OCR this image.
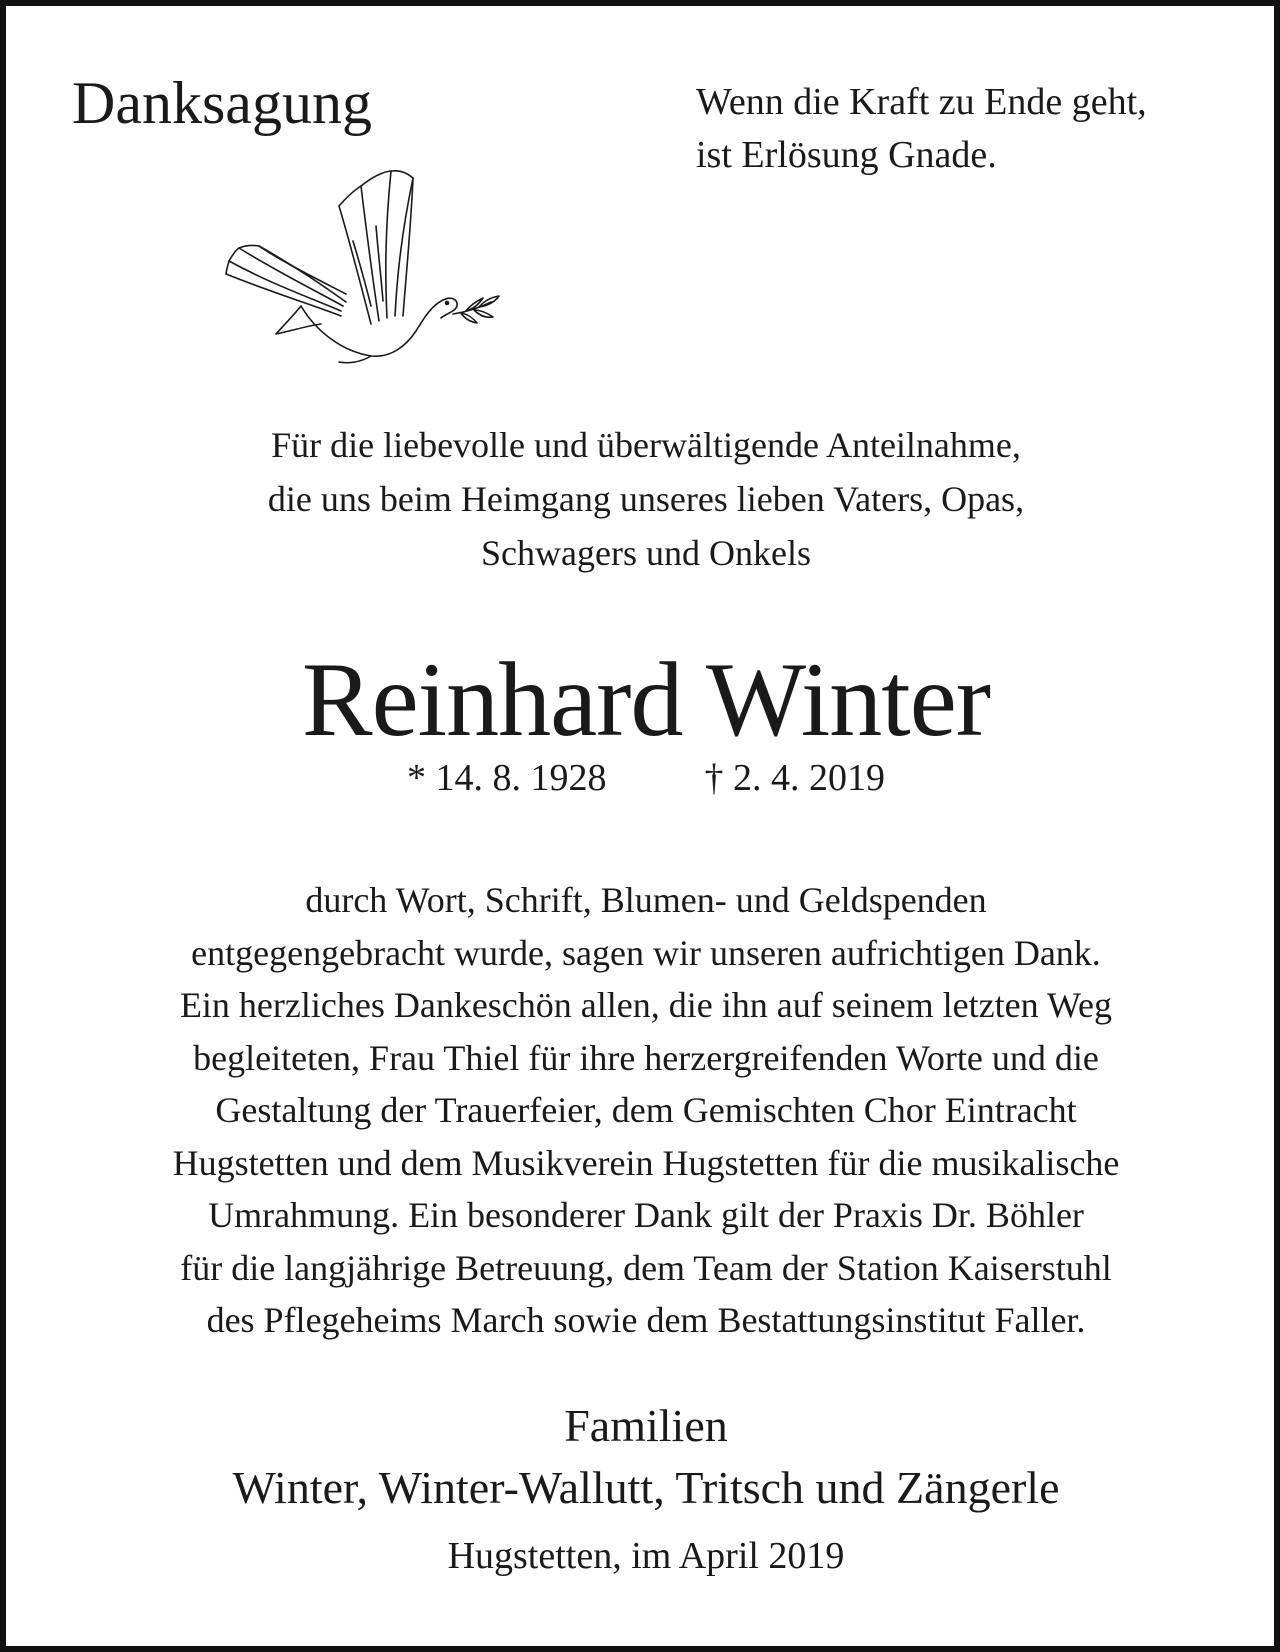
Danksagung	Wenn die Kraft zu Ende geht,
ist Erlösung Gnade.
Für die liebevolle und überwältigende Anteilnahme,
die uns beim Heimgang unseres lieben Vaters, Opas,
Schwagers und Onkels
Reinhard Winter
* 14. 8. 1928	† 2. 4. 2019
durch Wort, Schrift, Blumen- und Geldspenden
entgegengebracht wurde, sagen wir unseren aufrichtigen Dank.
Ein herzliches Dankeschön allen, die ihn auf seinem letzten Weg
begleiteten, Frau Thiel für ihre herzergreifenden Worte und die
Gestaltung der Trauerfeier, dem Gemischten Chor Eintracht
Hugstetten und dem Musikverein Hugstetten für die musikalische
Umrahmung. Ein besonderer Dank gilt der Praxis Dr. Böhler
für die langjährige Betreuung, dem Team der Station Kaiserstuhl
des Pflegeheims March sowie dem Bestattungsinstitut Faller.
Familien
Winter, Winter-Wallutt, Tritsch und Zängerle
Hugstetten, im April 2019
